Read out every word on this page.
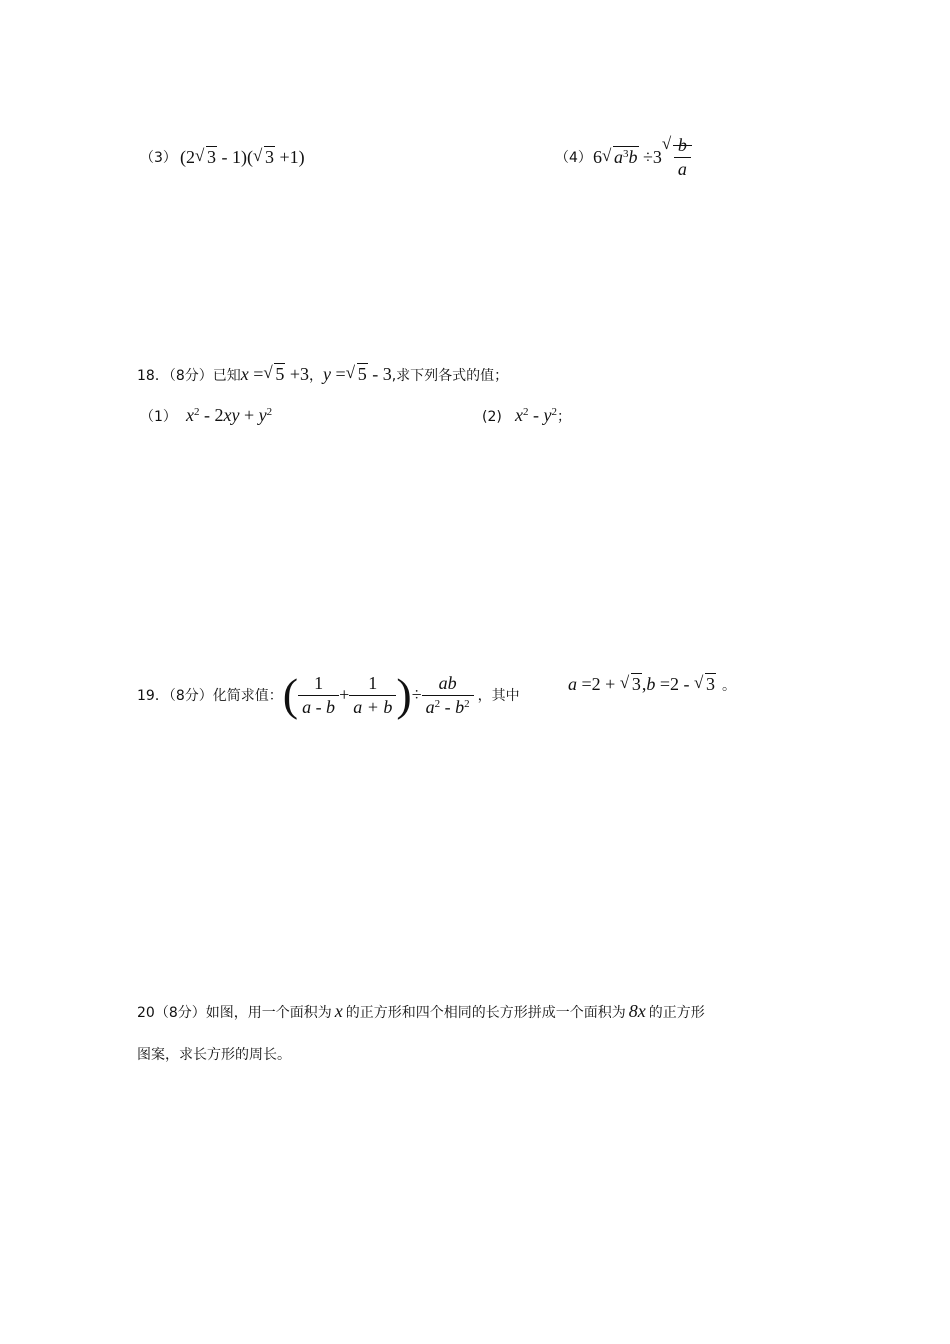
（3） (2 √ 3 - 1)( √ 3 +1)	（4） 6 √ $a^3b \div 3$ √ $\frac{b}{a}$
18．（8分）已知x = √ 5 +3，y = √ 5 - 3,求下列各式的值；
（1） $x^2 - 2xy + y^2$	(2) $x^2 - y^2$；
19．（8分）化简求值：( $\frac{1}{a - b} + \frac{1}{a + b}$ )÷ $\frac{ab}{a^2 - b^2}$ ，其中
a =2 + √ 3,b =2 - √ 3 。
20（8分）如图，用一个面积为 x 的正方形和四个相同的长方形拼成一个面积为 8x 的正方形
图案，求长方形的周长。
